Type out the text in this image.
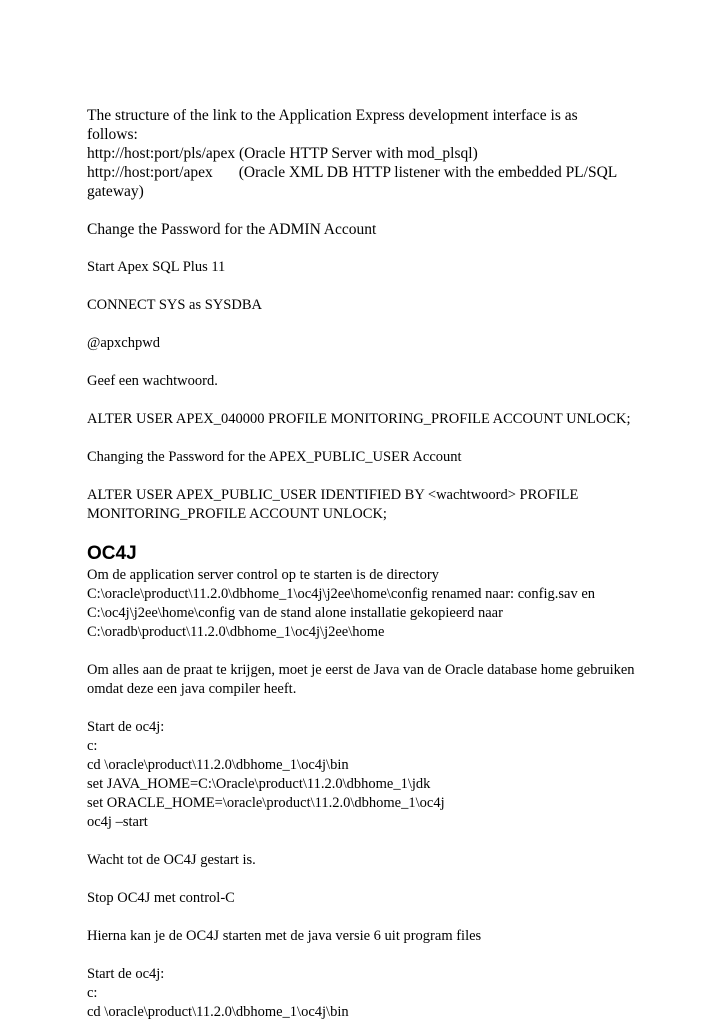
The structure of the link to the Application Express development interface is as
follows:
http://host:port/pls/apex (Oracle HTTP Server with mod_plsql)
http://host:port/apex (Oracle XML DB HTTP listener with the embedded PL/SQL
gateway)
Change the Password for the ADMIN Account
Start Apex SQL Plus 11
CONNECT SYS as SYSDBA
@apxchpwd
Geef een wachtwoord.
ALTER USER APEX_040000 PROFILE MONITORING_PROFILE ACCOUNT UNLOCK;
Changing the Password for the APEX_PUBLIC_USER Account
ALTER USER APEX_PUBLIC_USER IDENTIFIED BY <wachtwoord> PROFILE
MONITORING_PROFILE ACCOUNT UNLOCK;
OC4J
Om de application server control op te starten is de directory
C:\oracle\product\11.2.0\dbhome_1\oc4j\j2ee\home\config renamed naar: config.sav en
C:\oc4j\j2ee\home\config van de stand alone installatie gekopieerd naar
C:\oradb\product\11.2.0\dbhome_1\oc4j\j2ee\home
Om alles aan de praat te krijgen, moet je eerst de Java van de Oracle database home gebruiken
omdat deze een java compiler heeft.
Start de oc4j:
c:
cd \oracle\product\11.2.0\dbhome_1\oc4j\bin
set JAVA_HOME=C:\Oracle\product\11.2.0\dbhome_1\jdk
set ORACLE_HOME=\oracle\product\11.2.0\dbhome_1\oc4j
oc4j –start
Wacht tot de OC4J gestart is.
Stop OC4J met control-C
Hierna kan je de OC4J starten met de java versie 6 uit program files
Start de oc4j:
c:
cd \oracle\product\11.2.0\dbhome_1\oc4j\bin
